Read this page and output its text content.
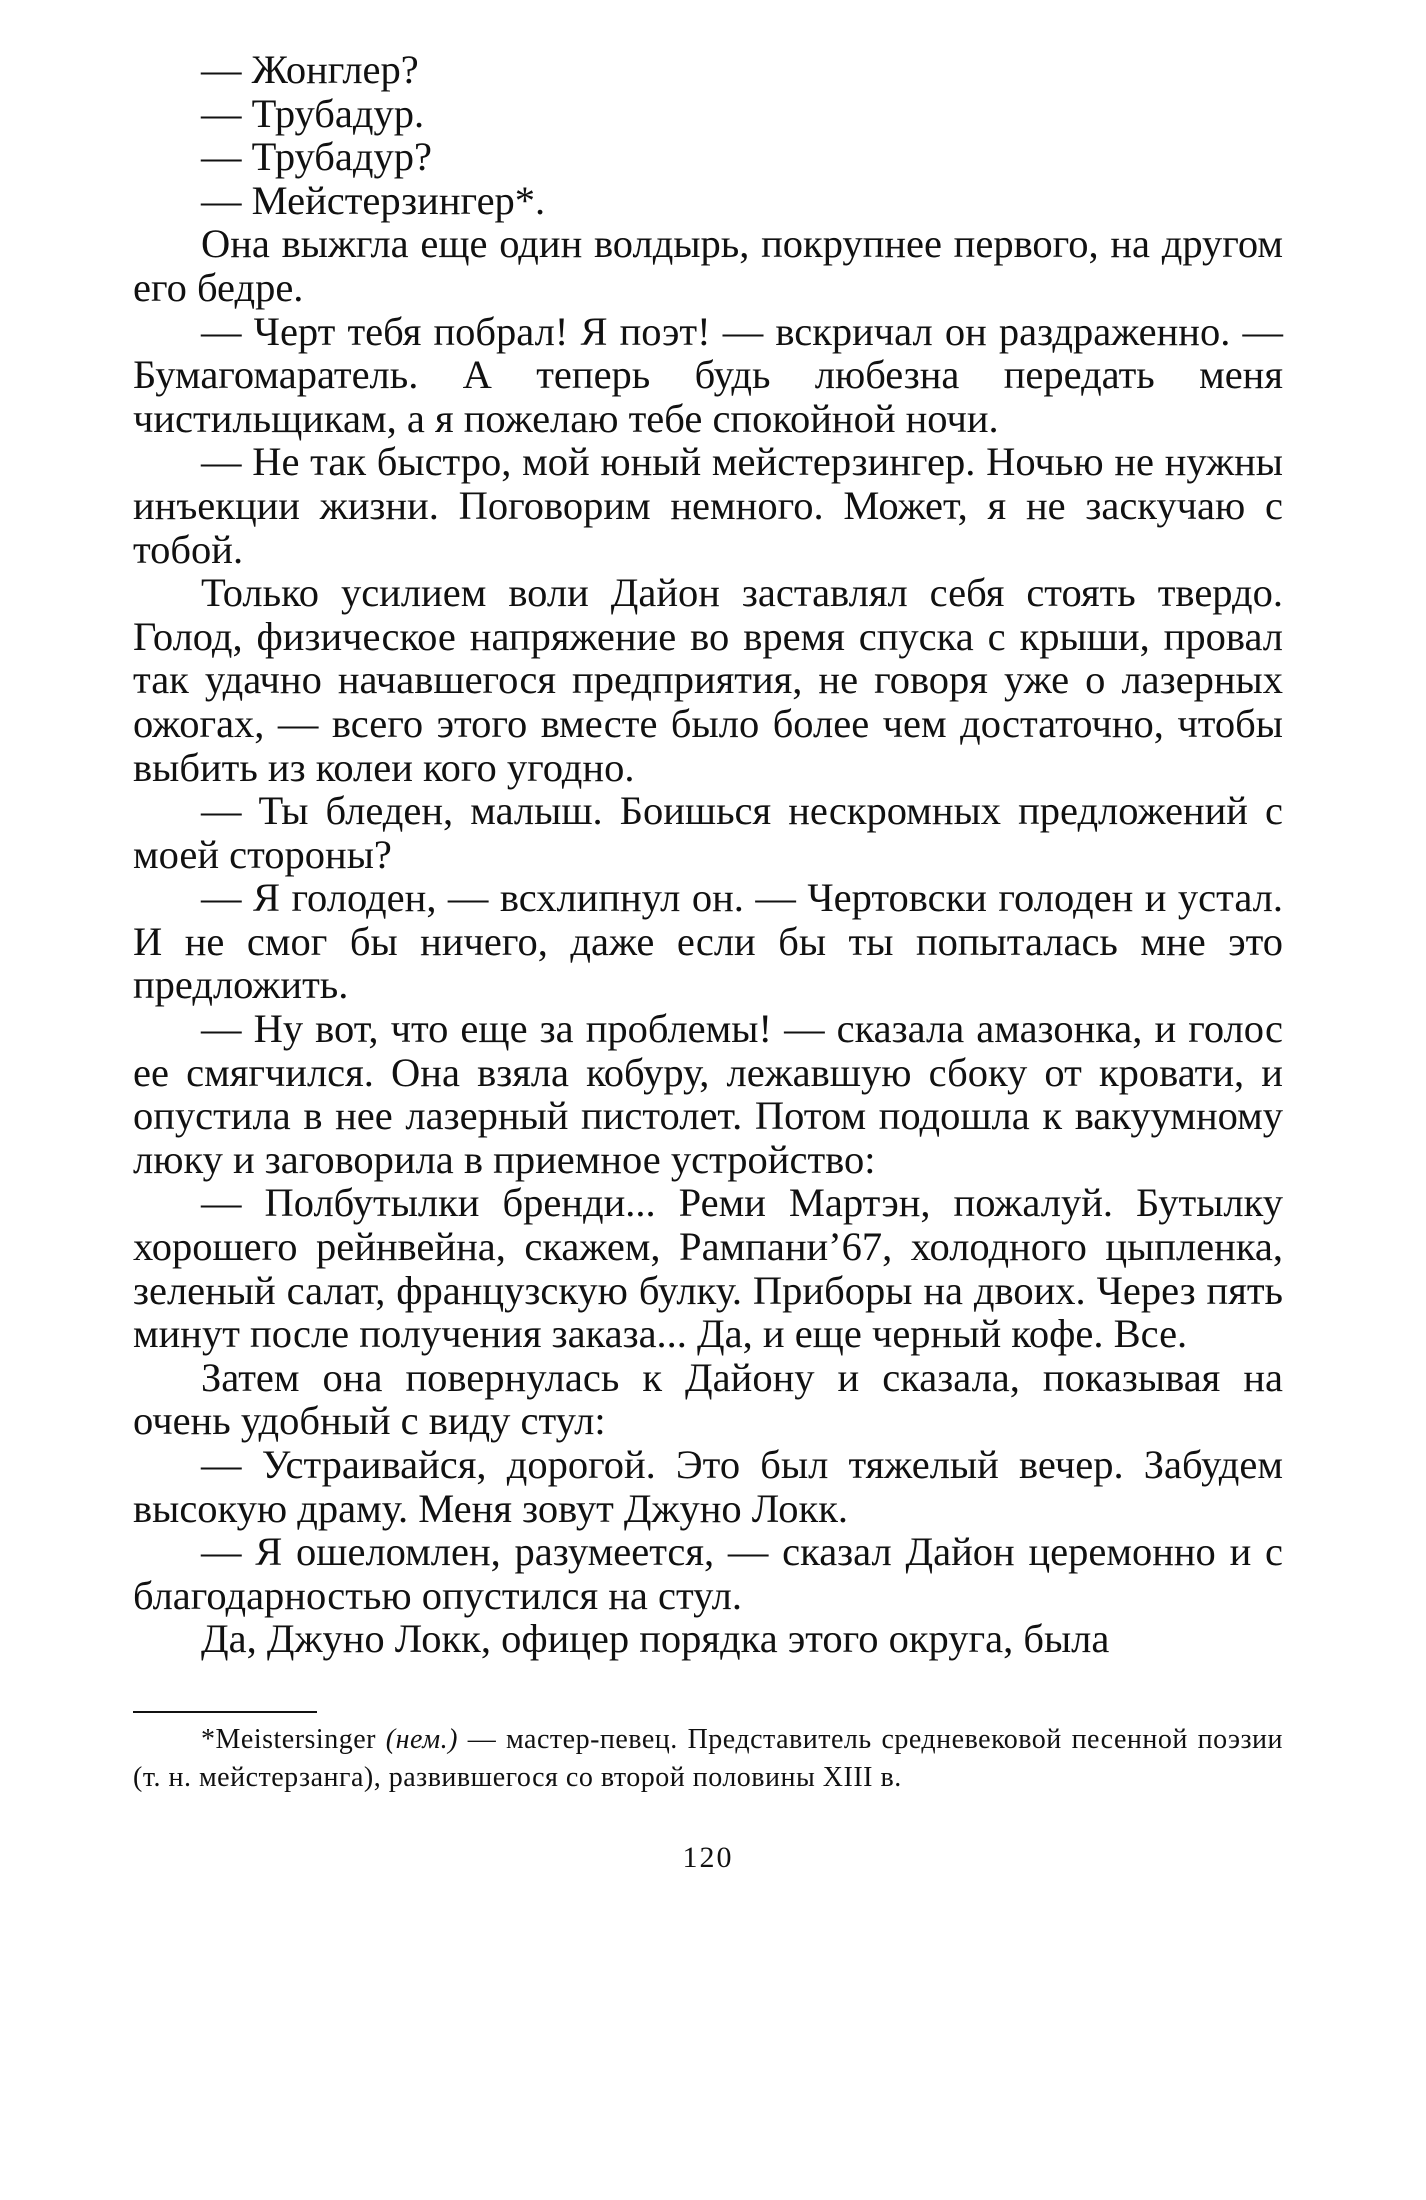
— Жонглер?

— Трубадур.

— Трубадур?

— Мейстерзингер*.

Она выжгла еще один волдырь, покрупнее первого, на другом его бедре.

— Черт тебя побрал! Я поэт! — вскричал он раздраженно. — Бумагомаратель. А теперь будь любезна передать меня чистильщикам, а я пожелаю тебе спокойной ночи.

— Не так быстро, мой юный мейстерзингер. Ночью не нужны инъекции жизни. Поговорим немного. Может, я не заскучаю с тобой.

Только усилием воли Дайон заставлял себя стоять твердо. Голод, физическое напряжение во время спуска с крыши, провал так удачно начавшегося предприятия, не говоря уже о лазерных ожогах, — всего этого вместе было более чем достаточно, чтобы выбить из колеи кого угодно.

— Ты бледен, малыш. Боишься нескромных предложений с моей стороны?

— Я голоден, — всхлипнул он. — Чертовски голоден и устал. И не смог бы ничего, даже если бы ты попыталась мне это предложить.

— Ну вот, что еще за проблемы! — сказала амазонка, и голос ее смягчился. Она взяла кобуру, лежавшую сбоку от кровати, и опустила в нее лазерный пистолет. Потом подошла к вакуумному люку и заговорила в приемное устройство:

— Полбутылки бренди... Реми Мартэн, пожалуй. Бутылку хорошего рейнвейна, скажем, Рампани’67, холодного цыпленка, зеленый салат, французскую булку. Приборы на двоих. Через пять минут после получения заказа... Да, и еще черный кофе. Все.

Затем она повернулась к Дайону и сказала, показывая на очень удобный с виду стул:

— Устраивайся, дорогой. Это был тяжелый вечер. Забудем высокую драму. Меня зовут Джуно Локк.

— Я ошеломлен, разумеется, — сказал Дайон церемонно и с благодарностью опустился на стул.

Да, Джуно Локк, офицер порядка этого округа, была

*Meistersinger (нем.) — мастер-певец. Представитель средневековой песенной поэзии (т. н. мейстерзанга), развившегося со второй половины XIII в.

120
